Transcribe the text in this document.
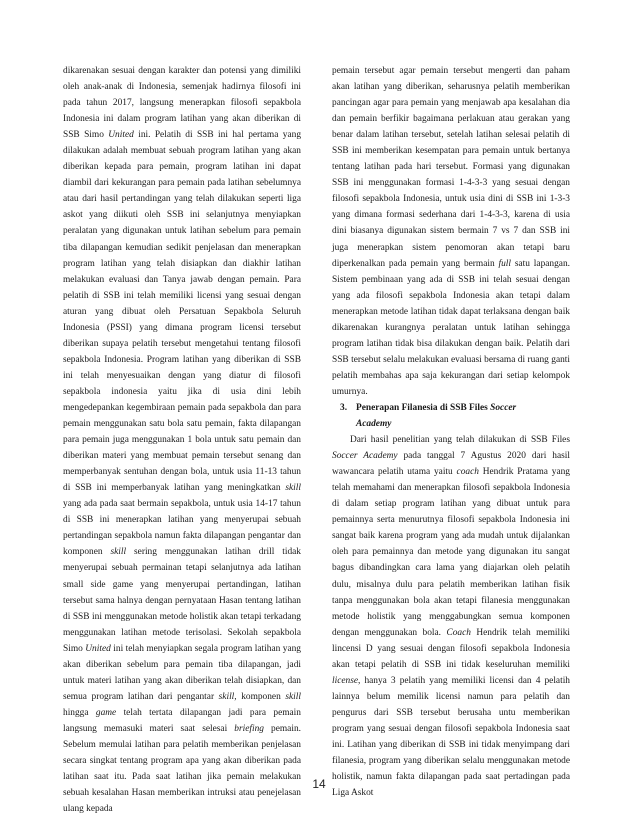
dikarenakan sesuai dengan karakter dan potensi yang dimiliki oleh anak-anak di Indonesia, semenjak hadirnya filosofi ini pada tahun 2017, langsung menerapkan filosofi sepakbola Indonesia ini dalam program latihan yang akan diberikan di SSB Simo United ini. Pelatih di SSB ini hal pertama yang dilakukan adalah membuat sebuah program latihan yang akan diberikan kepada para pemain, program latihan ini dapat diambil dari kekurangan para pemain pada latihan sebelumnya atau dari hasil pertandingan yang telah dilakukan seperti liga askot yang diikuti oleh SSB ini selanjutnya menyiapkan peralatan yang digunakan untuk latihan sebelum para pemain tiba dilapangan kemudian sedikit penjelasan dan menerapkan program latihan yang telah disiapkan dan diakhir latihan melakukan evaluasi dan Tanya jawab dengan pemain. Para pelatih di SSB ini telah memiliki licensi yang sesuai dengan aturan yang dibuat oleh Persatuan Sepakbola Seluruh Indonesia (PSSI) yang dimana program licensi tersebut diberikan supaya pelatih tersebut mengetahui tentang filosofi sepakbola Indonesia. Program latihan yang diberikan di SSB ini telah menyesuaikan dengan yang diatur di filosofi sepakbola indonesia yaitu jika di usia dini lebih mengedepankan kegembiraan pemain pada sepakbola dan para pemain menggunakan satu bola satu pemain, fakta dilapangan para pemain juga menggunakan 1 bola untuk satu pemain dan diberikan materi yang membuat pemain tersebut senang dan memperbanyak sentuhan dengan bola, untuk usia 11-13 tahun di SSB ini memperbanyak latihan yang meningkatkan skill yang ada pada saat bermain sepakbola, untuk usia 14-17 tahun di SSB ini menerapkan latihan yang menyerupai sebuah pertandingan sepakbola namun fakta dilapangan pengantar dan komponen skill sering menggunakan latihan drill tidak menyerupai sebuah permainan tetapi selanjutnya ada latihan small side game yang menyerupai pertandingan, latihan tersebut sama halnya dengan pernyataan Hasan tentang latihan di SSB ini menggunakan metode holistik akan tetapi terkadang menggunakan latihan metode terisolasi. Sekolah sepakbola Simo United ini telah menyiapkan segala program latihan yang akan diberikan sebelum para pemain tiba dilapangan, jadi untuk materi latihan yang akan diberikan telah disiapkan, dan semua program latihan dari pengantar skill, komponen skill hingga game telah tertata dilapangan jadi para pemain langsung memasuki materi saat selesai briefing pemain. Sebelum memulai latihan para pelatih memberikan penjelasan secara singkat tentang program apa yang akan diberikan pada latihan saat itu. Pada saat latihan jika pemain melakukan sebuah kesalahan Hasan memberikan intruksi atau penejelasan ulang kepada

pemain tersebut agar pemain tersebut mengerti dan paham akan latihan yang diberikan, seharusnya pelatih memberikan pancingan agar para pemain yang menjawab apa kesalahan dia dan pemain berfikir bagaimana perlakuan atau gerakan yang benar dalam latihan tersebut, setelah latihan selesai pelatih di SSB ini memberikan kesempatan para pemain untuk bertanya tentang latihan pada hari tersebut. Formasi yang digunakan SSB ini menggunakan formasi 1-4-3-3 yang sesuai dengan filosofi sepakbola Indonesia, untuk usia dini di SSB ini 1-3-3 yang dimana formasi sederhana dari 1-4-3-3, karena di usia dini biasanya digunakan sistem bermain 7 vs 7 dan SSB ini juga menerapkan sistem penomoran akan tetapi baru diperkenalkan pada pemain yang bermain full satu lapangan. Sistem pembinaan yang ada di SSB ini telah sesuai dengan yang ada filosofi sepakbola Indonesia akan tetapi dalam menerapkan metode latihan tidak dapat terlaksana dengan baik dikarenakan kurangnya peralatan untuk latihan sehingga program latihan tidak bisa dilakukan dengan baik. Pelatih dari SSB tersebut selalu melakukan evaluasi bersama di ruang ganti pelatih membahas apa saja kekurangan dari setiap kelompok umurnya.

3. Penerapan Filanesia di SSB Files Soccer
Academy

Dari hasil penelitian yang telah dilakukan di SSB Files Soccer Academy pada tanggal 7 Agustus 2020 dari hasil wawancara pelatih utama yaitu coach Hendrik Pratama yang telah memahami dan menerapkan filosofi sepakbola Indonesia di dalam setiap program latihan yang dibuat untuk para pemainnya serta menurutnya filosofi sepakbola Indonesia ini sangat baik karena program yang ada mudah untuk dijalankan oleh para pemainnya dan metode yang digunakan itu sangat bagus dibandingkan cara lama yang diajarkan oleh pelatih dulu, misalnya dulu para pelatih memberikan latihan fisik tanpa menggunakan bola akan tetapi filanesia menggunakan metode holistik yang menggabungkan semua komponen dengan menggunakan bola. Coach Hendrik telah memiliki lincensi D yang sesuai dengan filosofi sepakbola Indonesia akan tetapi pelatih di SSB ini tidak keseluruhan memiliki license, hanya 3 pelatih yang memiliki licensi dan 4 pelatih lainnya belum memilik licensi namun para pelatih dan pengurus dari SSB tersebut berusaha untu memberikan program yang sesuai dengan filosofi sepakbola Indonesia saat ini. Latihan yang diberikan di SSB ini tidak menyimpang dari filanesia, program yang diberikan selalu menggunakan metode holistik, namun fakta dilapangan pada saat pertadingan pada Liga Askot

14
